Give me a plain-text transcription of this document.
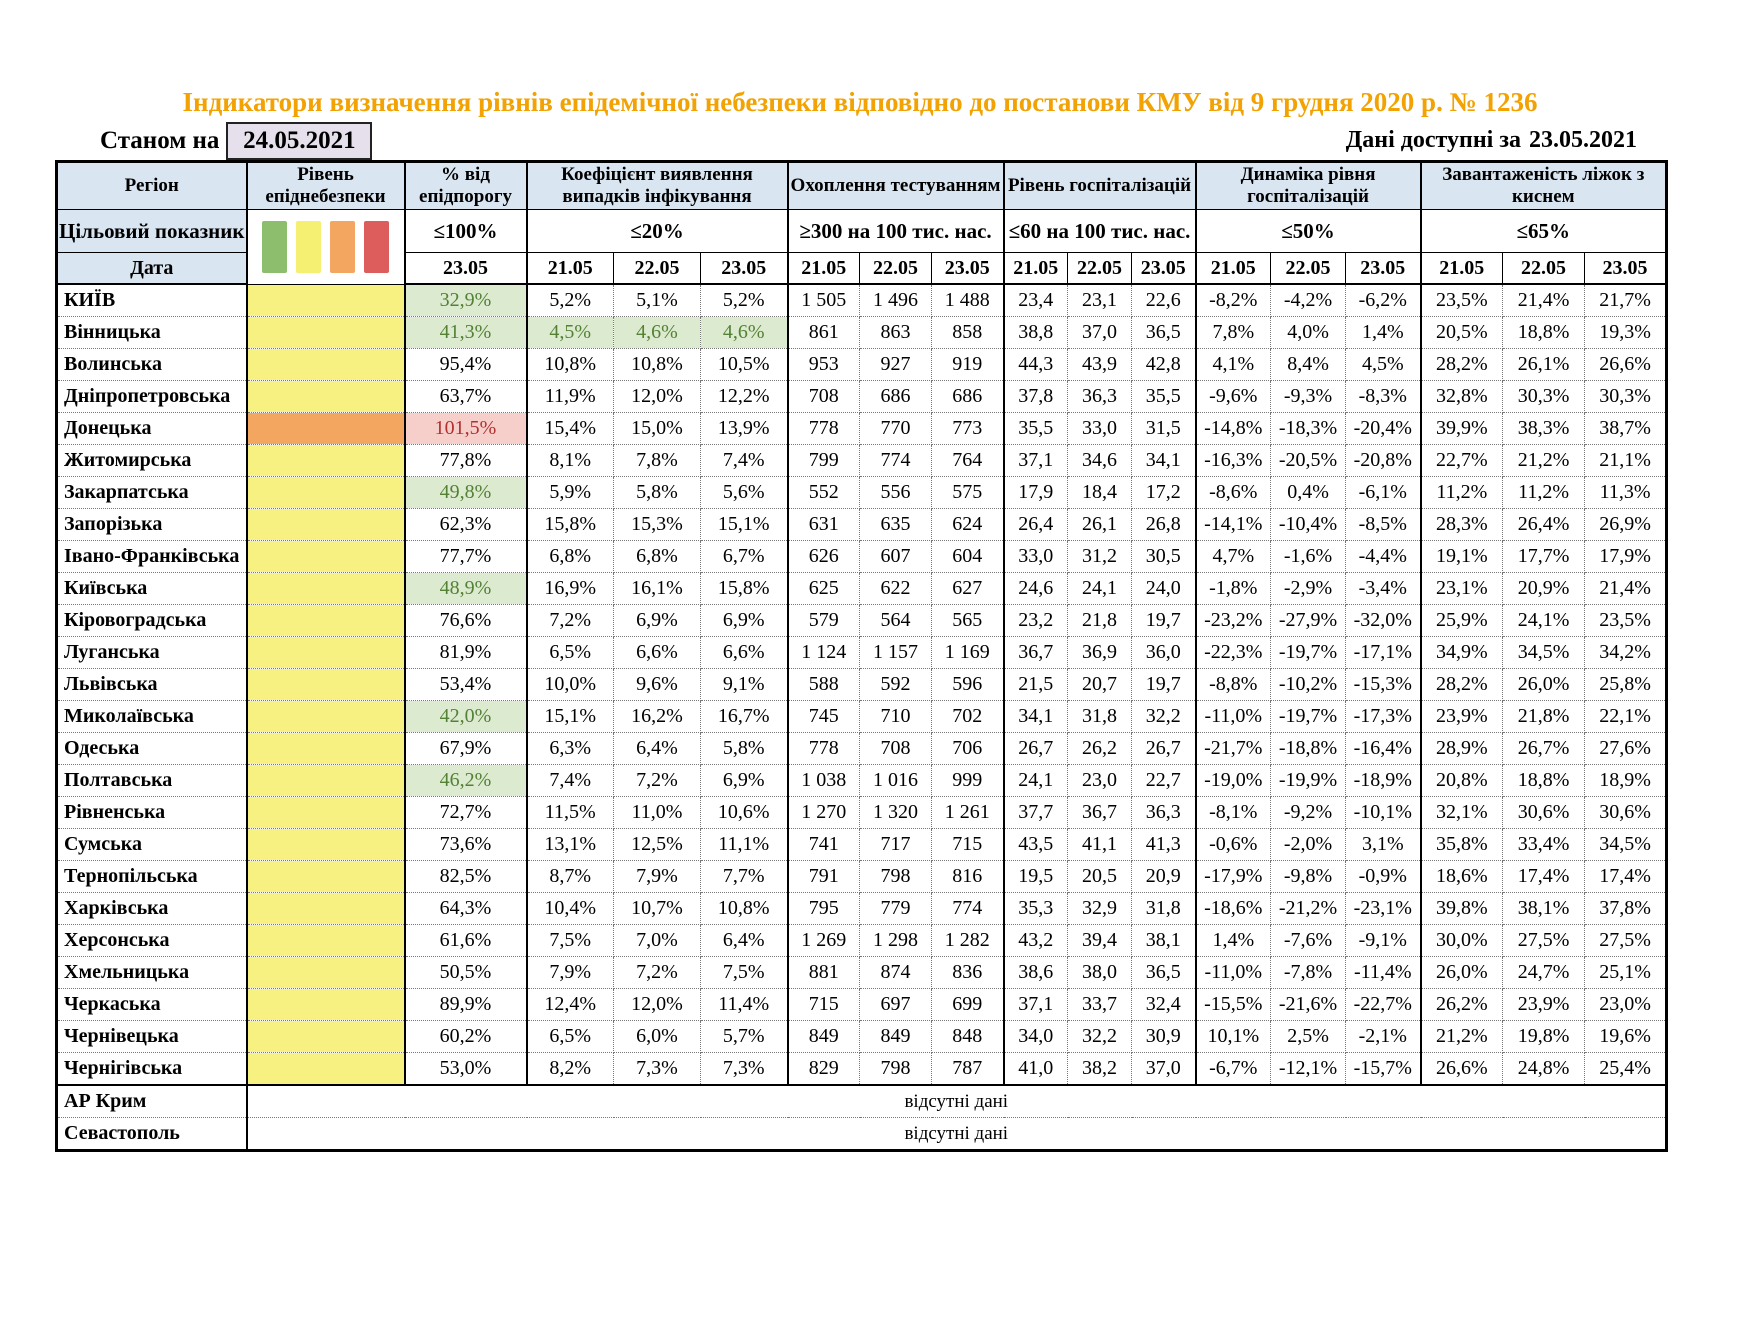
Індикатори визначення рівнів епідемічної небезпеки відповідно до постанови КМУ від 9 грудня 2020 р. № 1236
Станом на 24.05.2021	Дані доступні за 23.05.2021
Регіон	Рівень епіднебезпеки	% від епідпорогу	Коефіцієнт виявлення випадків інфікування			Охоплення тестуванням			Рівень госпіталізацій			Динаміка рівня госпіталізацій			Завантаженість ліжок з киснем		
Цільовий показник		≤100%	≤20%			≥300 на 100 тис. нас.			≤60 на 100 тис. нас.			≤50%			≤65%		
Дата		23.05	21.05	22.05	23.05	21.05	22.05	23.05	21.05	22.05	23.05	21.05	22.05	23.05	21.05	22.05	23.05
КИЇВ		32,9%	5,2%	5,1%	5,2%	1 505	1 496	1 488	23,4	23,1	22,6	-8,2%	-4,2%	-6,2%	23,5%	21,4%	21,7%
Вінницька		41,3%	4,5%	4,6%	4,6%	861	863	858	38,8	37,0	36,5	7,8%	4,0%	1,4%	20,5%	18,8%	19,3%
Волинська		95,4%	10,8%	10,8%	10,5%	953	927	919	44,3	43,9	42,8	4,1%	8,4%	4,5%	28,2%	26,1%	26,6%
Дніпропетровська		63,7%	11,9%	12,0%	12,2%	708	686	686	37,8	36,3	35,5	-9,6%	-9,3%	-8,3%	32,8%	30,3%	30,3%
Донецька		101,5%	15,4%	15,0%	13,9%	778	770	773	35,5	33,0	31,5	-14,8%	-18,3%	-20,4%	39,9%	38,3%	38,7%
Житомирська		77,8%	8,1%	7,8%	7,4%	799	774	764	37,1	34,6	34,1	-16,3%	-20,5%	-20,8%	22,7%	21,2%	21,1%
Закарпатська		49,8%	5,9%	5,8%	5,6%	552	556	575	17,9	18,4	17,2	-8,6%	0,4%	-6,1%	11,2%	11,2%	11,3%
Запорізька		62,3%	15,8%	15,3%	15,1%	631	635	624	26,4	26,1	26,8	-14,1%	-10,4%	-8,5%	28,3%	26,4%	26,9%
Івано-Франківська		77,7%	6,8%	6,8%	6,7%	626	607	604	33,0	31,2	30,5	4,7%	-1,6%	-4,4%	19,1%	17,7%	17,9%
Київська		48,9%	16,9%	16,1%	15,8%	625	622	627	24,6	24,1	24,0	-1,8%	-2,9%	-3,4%	23,1%	20,9%	21,4%
Кіровоградська		76,6%	7,2%	6,9%	6,9%	579	564	565	23,2	21,8	19,7	-23,2%	-27,9%	-32,0%	25,9%	24,1%	23,5%
Луганська		81,9%	6,5%	6,6%	6,6%	1 124	1 157	1 169	36,7	36,9	36,0	-22,3%	-19,7%	-17,1%	34,9%	34,5%	34,2%
Львівська		53,4%	10,0%	9,6%	9,1%	588	592	596	21,5	20,7	19,7	-8,8%	-10,2%	-15,3%	28,2%	26,0%	25,8%
Миколаївська		42,0%	15,1%	16,2%	16,7%	745	710	702	34,1	31,8	32,2	-11,0%	-19,7%	-17,3%	23,9%	21,8%	22,1%
Одеська		67,9%	6,3%	6,4%	5,8%	778	708	706	26,7	26,2	26,7	-21,7%	-18,8%	-16,4%	28,9%	26,7%	27,6%
Полтавська		46,2%	7,4%	7,2%	6,9%	1 038	1 016	999	24,1	23,0	22,7	-19,0%	-19,9%	-18,9%	20,8%	18,8%	18,9%
Рівненська		72,7%	11,5%	11,0%	10,6%	1 270	1 320	1 261	37,7	36,7	36,3	-8,1%	-9,2%	-10,1%	32,1%	30,6%	30,6%
Сумська		73,6%	13,1%	12,5%	11,1%	741	717	715	43,5	41,1	41,3	-0,6%	-2,0%	3,1%	35,8%	33,4%	34,5%
Тернопільська		82,5%	8,7%	7,9%	7,7%	791	798	816	19,5	20,5	20,9	-17,9%	-9,8%	-0,9%	18,6%	17,4%	17,4%
Харківська		64,3%	10,4%	10,7%	10,8%	795	779	774	35,3	32,9	31,8	-18,6%	-21,2%	-23,1%	39,8%	38,1%	37,8%
Херсонська		61,6%	7,5%	7,0%	6,4%	1 269	1 298	1 282	43,2	39,4	38,1	1,4%	-7,6%	-9,1%	30,0%	27,5%	27,5%
Хмельницька		50,5%	7,9%	7,2%	7,5%	881	874	836	38,6	38,0	36,5	-11,0%	-7,8%	-11,4%	26,0%	24,7%	25,1%
Черкаська		89,9%	12,4%	12,0%	11,4%	715	697	699	37,1	33,7	32,4	-15,5%	-21,6%	-22,7%	26,2%	23,9%	23,0%
Чернівецька		60,2%	6,5%	6,0%	5,7%	849	849	848	34,0	32,2	30,9	10,1%	2,5%	-2,1%	21,2%	19,8%	19,6%
Чернігівська		53,0%	8,2%	7,3%	7,3%	829	798	787	41,0	38,2	37,0	-6,7%	-12,1%	-15,7%	26,6%	24,8%	25,4%
АР Крим	відсутні дані																
Севастополь	відсутні дані																
